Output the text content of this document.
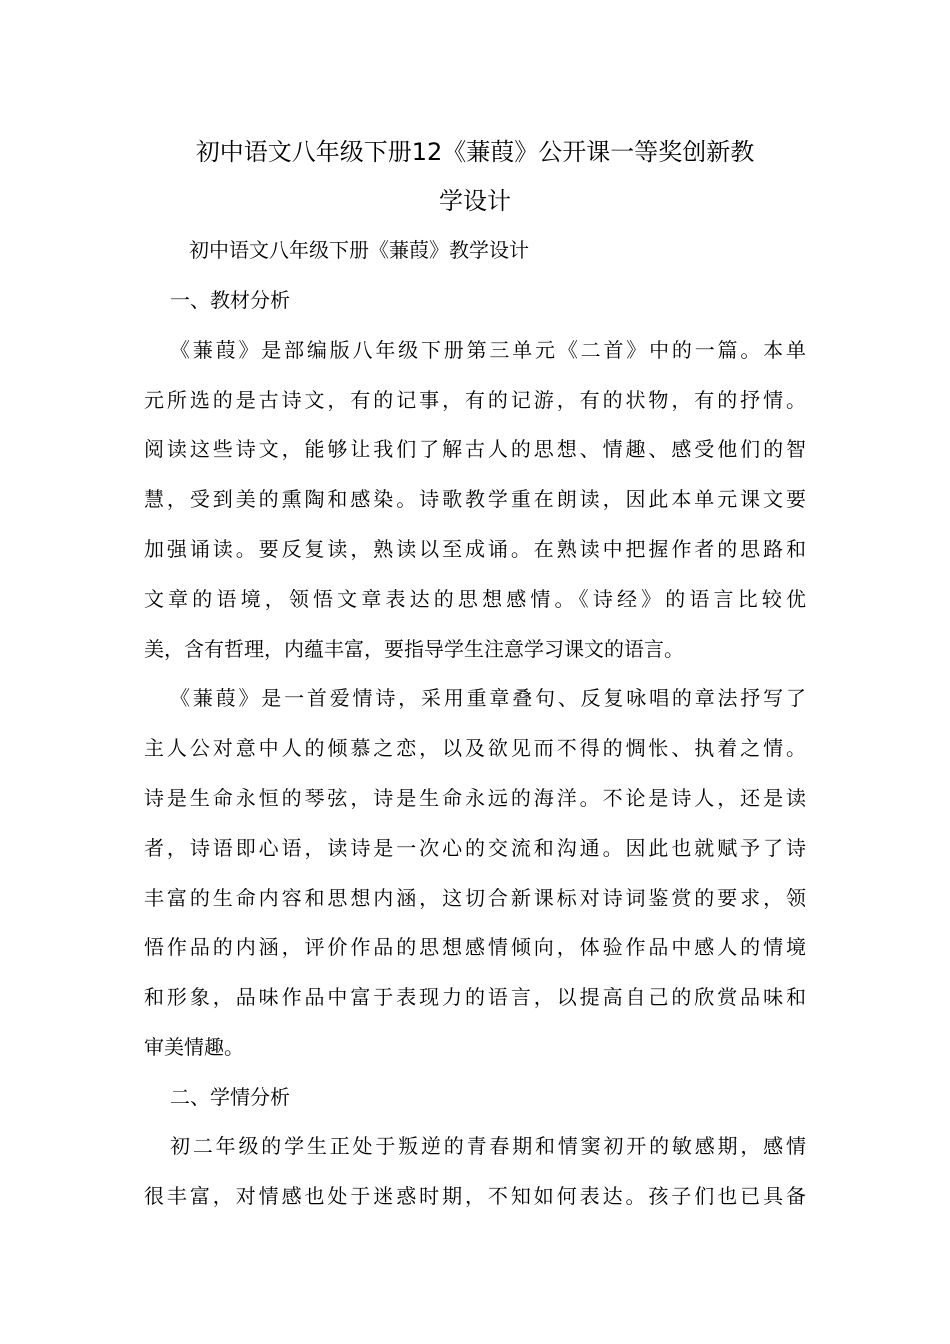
初中语文八年级下册12《蒹葭》公开课一等奖创新教
学设计

初中语文八年级下册《蒹葭》教学设计

一、教材分析

《蒹葭》是部编版八年级下册第三单元《二首》中的一篇。本单

元所选的是古诗文，有的记事，有的记游，有的状物，有的抒情。

阅读这些诗文，能够让我们了解古人的思想、情趣、感受他们的智

慧，受到美的熏陶和感染。诗歌教学重在朗读，因此本单元课文要

加强诵读。要反复读，熟读以至成诵。在熟读中把握作者的思路和

文章的语境，领悟文章表达的思想感情。《诗经》的语言比较优

美，含有哲理，内蕴丰富，要指导学生注意学习课文的语言。

《蒹葭》是一首爱情诗，采用重章叠句、反复咏唱的章法抒写了

主人公对意中人的倾慕之恋，以及欲见而不得的惆怅、执着之情。

诗是生命永恒的琴弦，诗是生命永远的海洋。不论是诗人，还是读

者，诗语即心语，读诗是一次心的交流和沟通。因此也就赋予了诗

丰富的生命内容和思想内涵，这切合新课标对诗词鉴赏的要求，领

悟作品的内涵，评价作品的思想感情倾向，体验作品中感人的情境

和形象，品味作品中富于表现力的语言，以提高自己的欣赏品味和

审美情趣。

二、学情分析

初二年级的学生正处于叛逆的青春期和情窦初开的敏感期，感情

很丰富，对情感也处于迷惑时期，不知如何表达。孩子们也已具备
